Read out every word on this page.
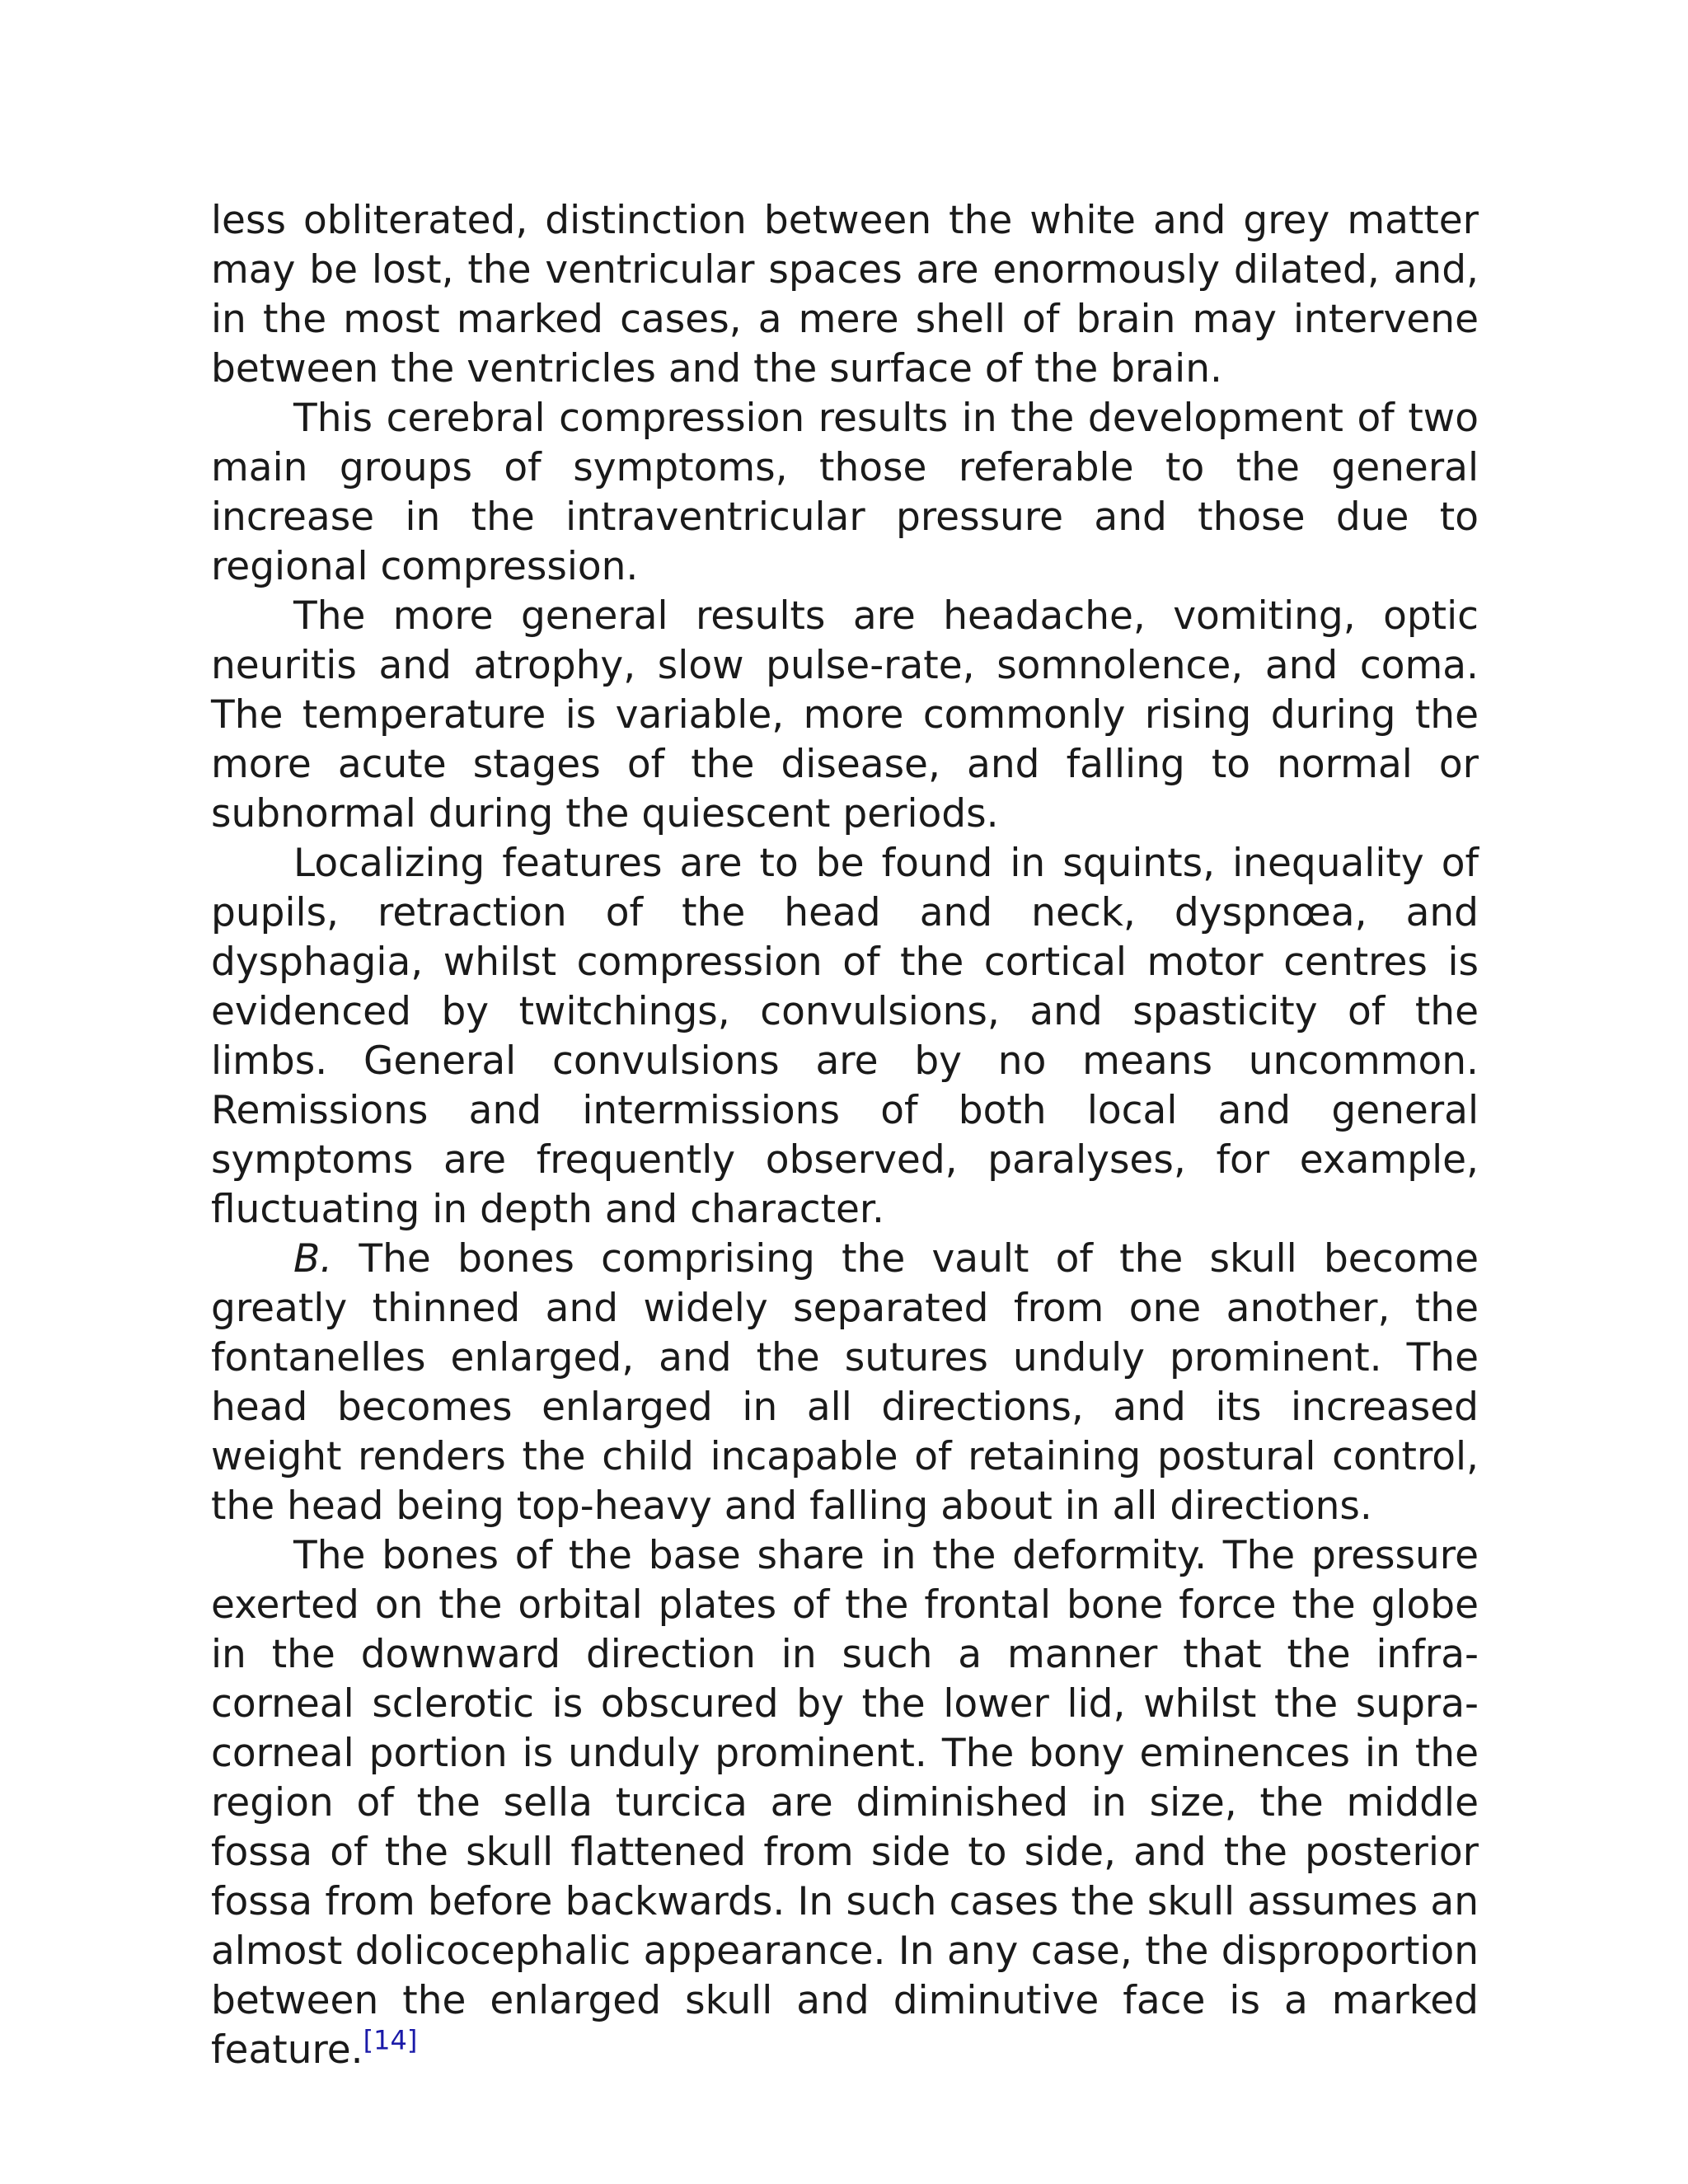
less obliterated, distinction between the white and grey matter may be lost, the ventricular spaces are enormously dilated, and, in the most marked cases, a mere shell of brain may intervene between the ventricles and the surface of the brain.

This cerebral compression results in the development of two main groups of symptoms, those referable to the general increase in the intraventricular pressure and those due to regional compression.

The more general results are headache, vomiting, optic neuritis and atrophy, slow pulse-rate, somnolence, and coma. The temperature is variable, more commonly rising during the more acute stages of the disease, and falling to normal or subnormal during the quiescent periods.

Localizing features are to be found in squints, inequality of pupils, retraction of the head and neck, dyspnœa, and dysphagia, whilst compression of the cortical motor centres is evidenced by twitchings, convulsions, and spasticity of the limbs. General convulsions are by no means uncommon. Remissions and intermissions of both local and general symptoms are frequently observed, paralyses, for example, fluctuating in depth and character.

B. The bones comprising the vault of the skull become greatly thinned and widely separated from one another, the fontanelles enlarged, and the sutures unduly prominent. The head becomes enlarged in all directions, and its increased weight renders the child incapable of retaining postural control, the head being top-heavy and falling about in all directions.

The bones of the base share in the deformity. The pressure exerted on the orbital plates of the frontal bone force the globe in the downward direction in such a manner that the infra-corneal sclerotic is obscured by the lower lid, whilst the supra-corneal portion is unduly prominent. The bony eminences in the region of the sella turcica are diminished in size, the middle fossa of the skull flattened from side to side, and the posterior fossa from before backwards. In such cases the skull assumes an almost dolicocephalic appearance. In any case, the disproportion between the enlarged skull and diminutive face is a marked feature.[14]
